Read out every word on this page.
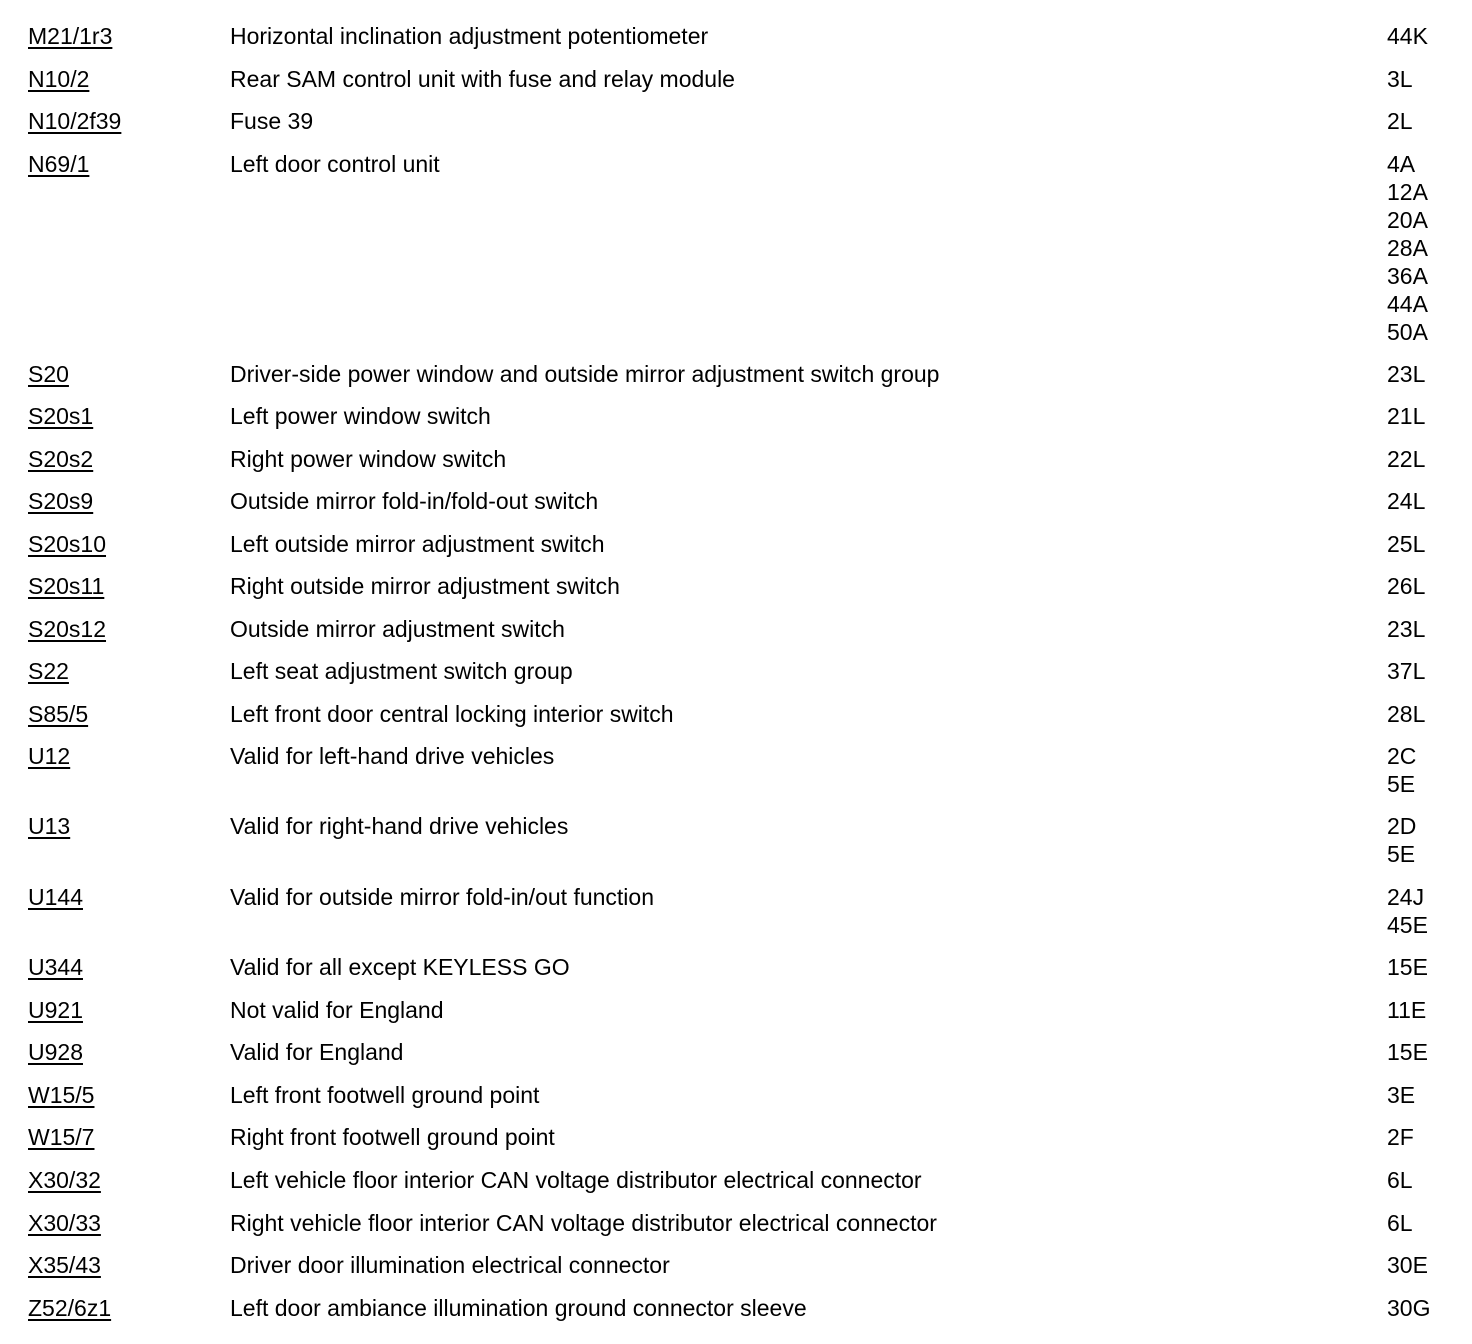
M21/1r3	Horizontal inclination adjustment potentiometer	44K
N10/2	Rear SAM control unit with fuse and relay module	3L
N10/2f39	Fuse 39	2L
N69/1	Left door control unit	4A
12A
20A
28A
36A
44A
50A
S20	Driver-side power window and outside mirror adjustment switch group	23L
S20s1	Left power window switch	21L
S20s2	Right power window switch	22L
S20s9	Outside mirror fold-in/fold-out switch	24L
S20s10	Left outside mirror adjustment switch	25L
S20s11	Right outside mirror adjustment switch	26L
S20s12	Outside mirror adjustment switch	23L
S22	Left seat adjustment switch group	37L
S85/5	Left front door central locking interior switch	28L
U12	Valid for left-hand drive vehicles	2C
5E
U13	Valid for right-hand drive vehicles	2D
5E
U144	Valid for outside mirror fold-in/out function	24J
45E
U344	Valid for all except KEYLESS GO	15E
U921	Not valid for England	11E
U928	Valid for England	15E
W15/5	Left front footwell ground point	3E
W15/7	Right front footwell ground point	2F
X30/32	Left vehicle floor interior CAN voltage distributor electrical connector	6L
X30/33	Right vehicle floor interior CAN voltage distributor electrical connector	6L
X35/43	Driver door illumination electrical connector	30E
Z52/6z1	Left door ambiance illumination ground connector sleeve	30G
